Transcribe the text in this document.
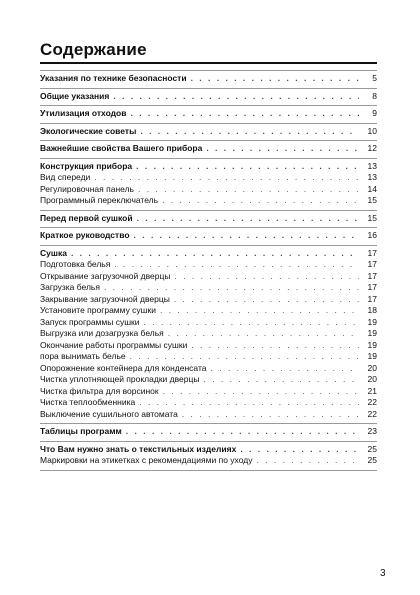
Содержание
Указания по технике безопасности . . .	5
Общие указания . . .	8
Утилизация отходов . . .	9
Экологические советы . . .	10
Важнейшие свойства Вашего прибора . . .	12
Конструкция прибора . . .	13
Вид спереди . . .	13
Регулировочная панель . . .	14
Программный переключатель . . .	15
Перед первой сушкой . . .	15
Краткое руководство . . .	16
Сушка . . .	17
Подготовка белья . . .	17
Открывание загрузочной дверцы . . .	17
Загрузка белья . . .	17
Закрывание загрузочной дверцы . . .	17
Установите программу сушки . . .	18
Запуск программы сушки . . .	19
Выгрузка или дозагрузка белья . . .	19
Окончание работы программы сушки . . .	19
пора вынимать белье . . .	19
Опорожнение контейнера для конденсата . . .	20
Чистка уплотняющей прокладки дверцы . . .	20
Чистка фильтра для ворсинок . . .	21
Чистка теплообменника . . .	22
Выключение сушильного автомата . . .	22
Таблицы программ . . .	23
Что Вам нужно знать о текстильных изделиях . . .	25
Маркировки на этикетках с рекомендациями по уходу . . .	25
3
